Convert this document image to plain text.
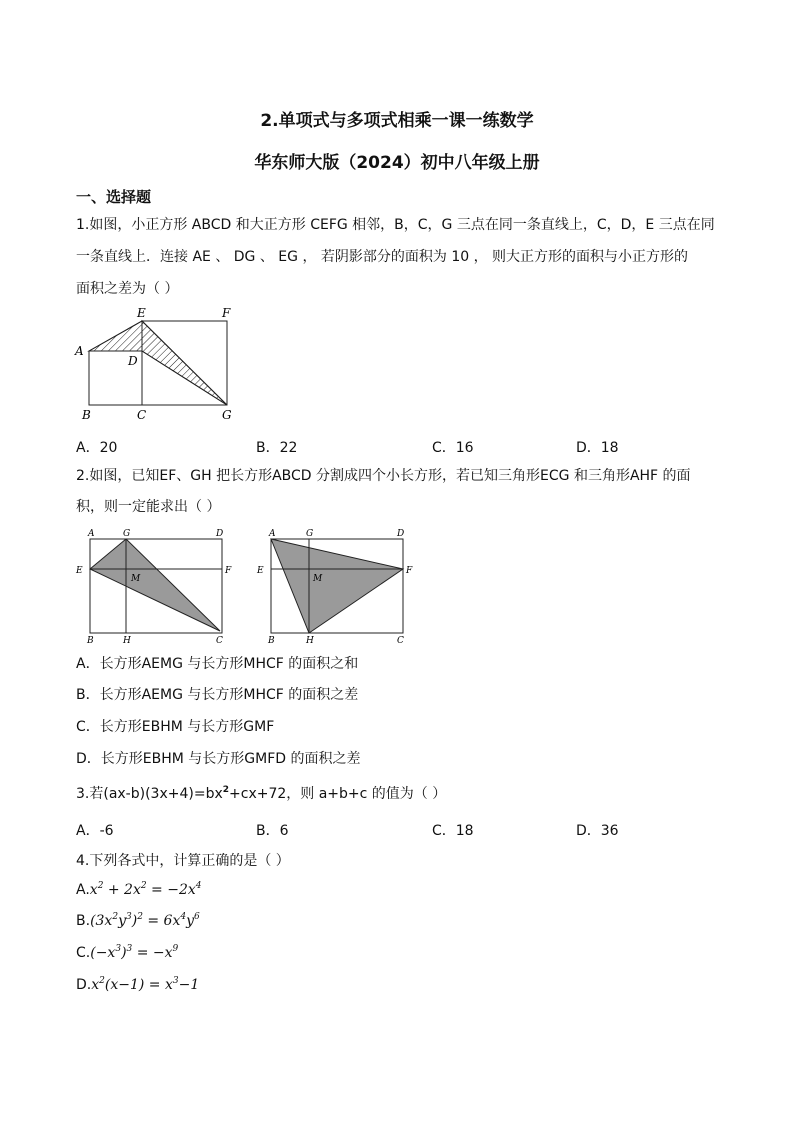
2.单项式与多项式相乘一课一练数学
华东师大版（2024）初中八年级上册
一、选择题
1.如图，小正方形 ABCD 和大正方形 CEFG 相邻，B，C，G 三点在同一条直线上，C，D，E 三点在同
一条直线上．连接 AE 、 DG 、 EG ， 若阴影部分的面积为 10 ， 则大正方形的面积与小正方形的
面积之差为（ ）
A
B	C
D
E	F
G
A．20	B．22	C．16	D．18
2.如图，已知EF、GH 把长方形ABCD 分割成四个小长方形，若已知三角形ECG 和三角形AHF 的面
积，则一定能求出（ ）
A	G	D
E
M
F
B	H	C
A	G	D
E
M
F
B	H	C
A．长方形AEMG 与长方形MHCF 的面积之和
B．长方形AEMG 与长方形MHCF 的面积之差
C．长方形EBHM 与长方形GMF
D．长方形EBHM 与长方形GMFD 的面积之差
3.若$(ax-b)(3x+4)=bx^2+cx+72$，则 a+b+c 的值为（ ）
A．-6	B．6	C．18	D．36
4.下列各式中，计算正确的是（ ）
$A.x^2 + 2x^2 = -2x^4$
$B.(3x^2y^3)^2 = 6x^4y^6$
$C.(-x^3)^3 = -x^9$
$D.x^2(x-1) = x^3-1$
